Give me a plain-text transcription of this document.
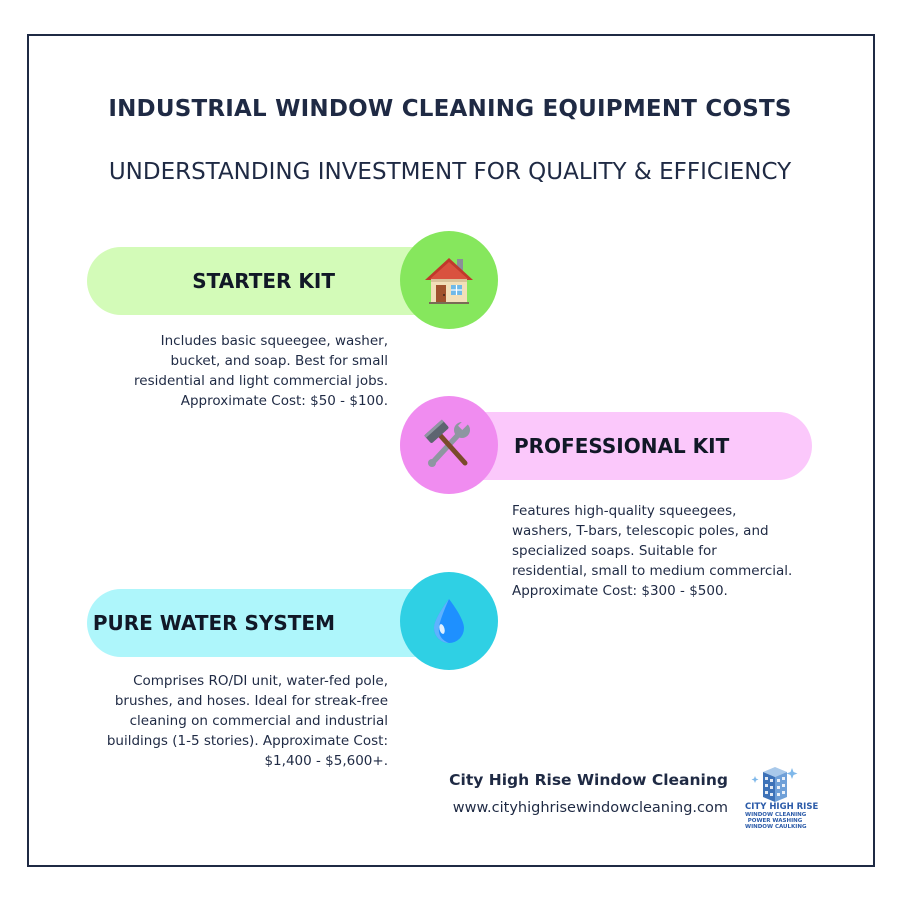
INDUSTRIAL WINDOW CLEANING EQUIPMENT COSTS
UNDERSTANDING INVESTMENT FOR QUALITY & EFFICIENCY
STARTER KIT
Includes basic squeegee, washer,
bucket, and soap. Best for small
residential and light commercial jobs.
Approximate Cost: $50 - $100.
PROFESSIONAL KIT
Features high-quality squeegees,
washers, T-bars, telescopic poles, and
specialized soaps. Suitable for
residential, small to medium commercial.
Approximate Cost: $300 - $500.
PURE WATER SYSTEM
Comprises RO/DI unit, water-fed pole,
brushes, and hoses. Ideal for streak-free
cleaning on commercial and industrial
buildings (1-5 stories). Approximate Cost:
$1,400 - $5,600+.
City High Rise Window Cleaning
www.cityhighrisewindowcleaning.com CITY HIGH RISE
WINDOW CLEANING
POWER WASHING
WINDOW CAULKING
